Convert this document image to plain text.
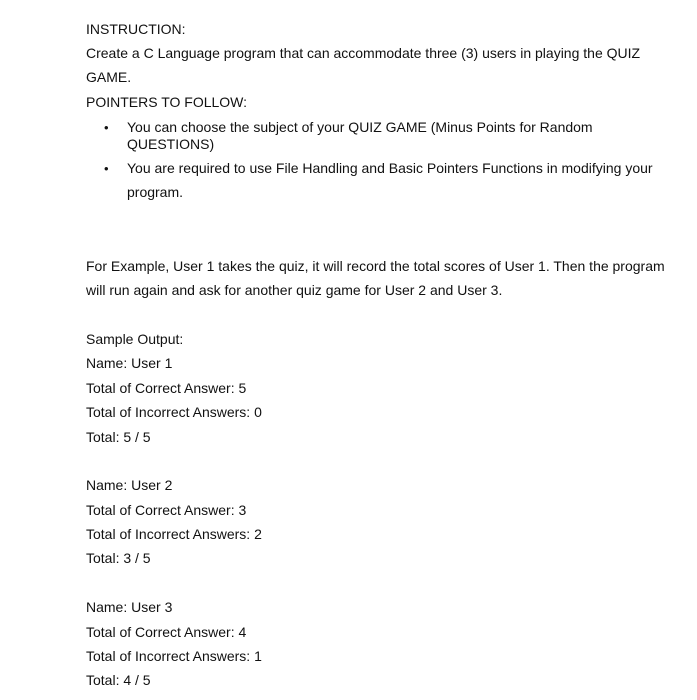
INSTRUCTION:
Create a C Language program that can accommodate three (3) users in playing the QUIZ
GAME.
POINTERS TO FOLLOW:
• You can choose the subject of your QUIZ GAME (Minus Points for Random
QUESTIONS)
• You are required to use File Handling and Basic Pointers Functions in modifying your
program.
For Example, User 1 takes the quiz, it will record the total scores of User 1. Then the program
will run again and ask for another quiz game for User 2 and User 3.
Sample Output:
Name: User 1
Total of Correct Answer: 5
Total of Incorrect Answers: 0
Total: 5 / 5
Name: User 2
Total of Correct Answer: 3
Total of Incorrect Answers: 2
Total: 3 / 5
Name: User 3
Total of Correct Answer: 4
Total of Incorrect Answers: 1
Total: 4 / 5
